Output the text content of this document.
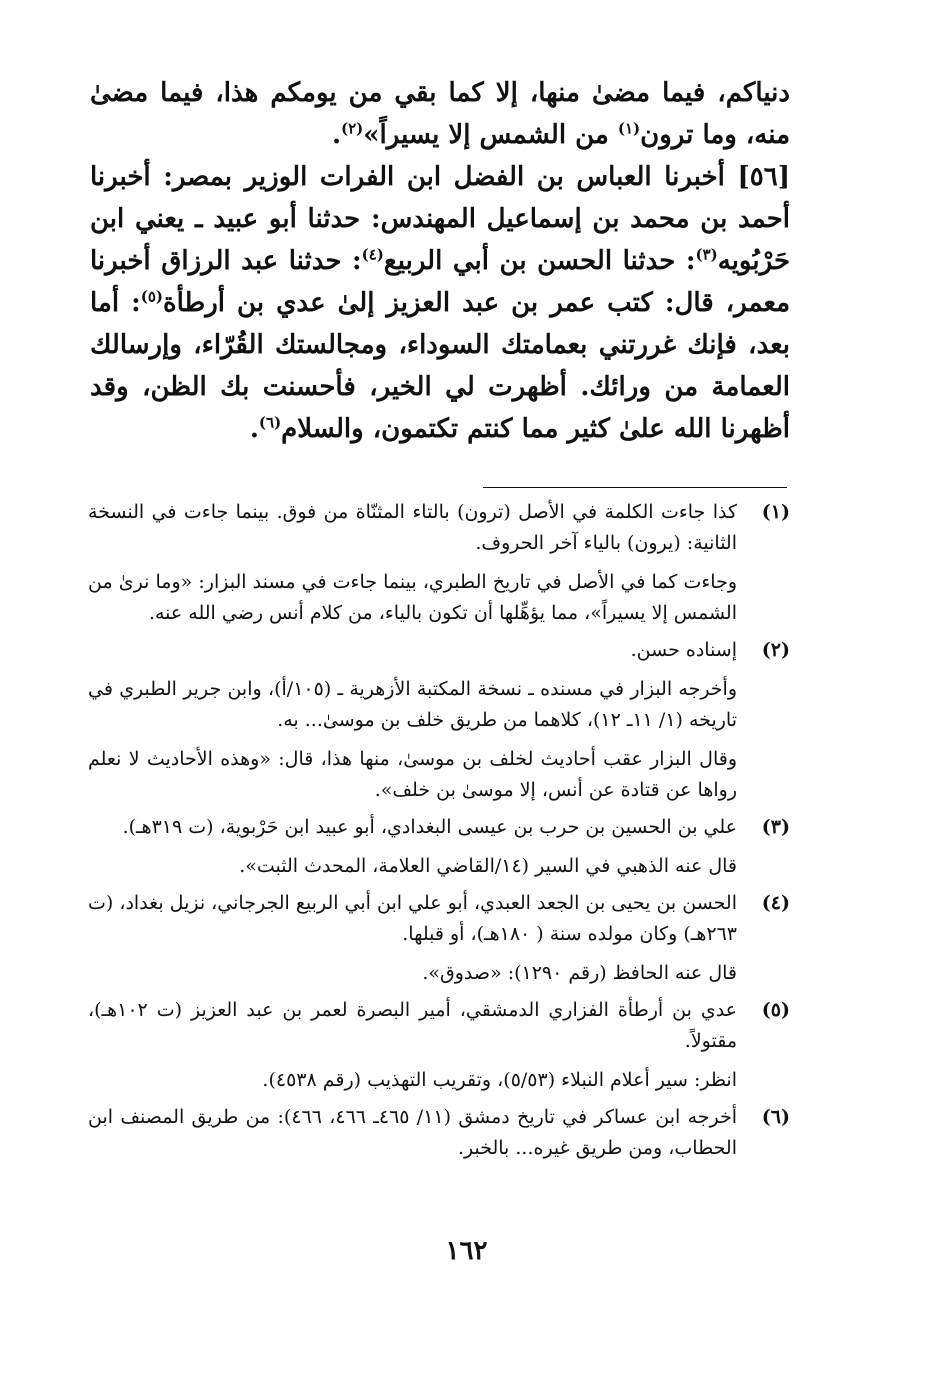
دنياكم، فيما مضىٰ منها، إلا كما بقي من يومكم هذا، فيما مضىٰ منه، وما ترون$^{(١)}$ من الشمس إلا يسيراً»$^{(٢)}$.

[٥٦] أخبرنا العباس بن الفضل ابن الفرات الوزير بمصر: أخبرنا أحمد بن محمد بن إسماعيل المهندس: حدثنا أبو عبيد ـ يعني ابن حَرْبُويه$^{(٣)}$: حدثنا الحسن بن أبي الربيع$^{(٤)}$: حدثنا عبد الرزاق أخبرنا معمر، قال: كتب عمر بن عبد العزيز إلىٰ عدي بن أرطأة$^{(٥)}$: أما بعد، فإنك غررتني بعمامتك السوداء، ومجالستك القُرّاء، وإرسالك العمامة من ورائك. أظهرت لي الخير، فأحسنت بك الظن، وقد أظهرنا الله علىٰ كثير مما كنتم تكتمون، والسلام$^{(٦)}$.

(١)
كذا جاءت الكلمة في الأصل (ترون) بالتاء المثنّاة من فوق. بينما جاءت في النسخة الثانية: (يرون) بالياء آخر الحروف.
وجاءت كما في الأصل في تاريخ الطبري، بينما جاءت في مسند البزار: «وما نرىٰ من الشمس إلا يسيراً»، مما يؤهِّلها أن تكون بالياء، من كلام أنس رضي الله عنه.
(٢)
إسناده حسن.
وأخرجه البزار في مسنده ـ نسخة المكتبة الأزهرية ـ (١٠٥/أ)، وابن جرير الطبري في تاريخه (١/ ١١ـ ١٢)، كلاهما من طريق خلف بن موسىٰ... به.
وقال البزار عقب أحاديث لخلف بن موسىٰ، منها هذا، قال: «وهذه الأحاديث لا نعلم رواها عن قتادة عن أنس، إلا موسىٰ بن خلف».
(٣)
علي بن الحسين بن حرب بن عيسى البغدادي، أبو عبيد ابن حَرْبوية، (ت ٣١٩هـ).
قال عنه الذهبي في السير (١٤/القاضي العلامة، المحدث الثبت».
(٤)
الحسن بن يحيى بن الجعد العبدي، أبو علي ابن أبي الربيع الجرجاني، نزيل بغداد، (ت ٢٦٣هـ) وكان مولده سنة ( ١٨٠هـ)، أو قبلها.
قال عنه الحافظ (رقم ١٢٩٠): «صدوق».
(٥)
عدي بن أرطأة الفزاري الدمشقي، أمير البصرة لعمر بن عبد العزيز (ت ١٠٢هـ)، مقتولاً.
انظر: سير أعلام النبلاء (٥/٥٣)، وتقريب التهذيب (رقم ٤٥٣٨).
(٦)
أخرجه ابن عساكر في تاريخ دمشق (١١/ ٤٦٥ـ ٤٦٦، ٤٦٦): من طريق المصنف ابن الحطاب، ومن طريق غيره... بالخبر.
١٦٢
